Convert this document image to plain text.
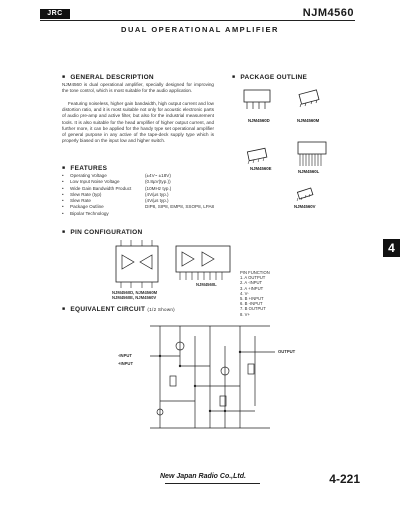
JRC	NJM4560
DUAL OPERATIONAL AMPLIFIER
■ GENERAL DESCRIPTION
NJM4560 is dual operational amplifier, specially designed for improving the tone control, which is most suitable for the audio application.
Featuring noiseless, higher gain bandwidth, high output current and low distortion ratio, and it is most suitable not only for acoustic electronic parts of audio pre-amp and active filter, but also for the industrial measurement tools. It is also suitable for the head amplifier of higher output current, and further more, it can be applied for the handy type set operational amplifier of general purpose in any active of the tape-deck supply type which is properly biased on the input low and higher switch.
■ PACKAGE OUTLINE
NJM4560D	NJM4560M
NJM4560E
NJM4560L
NJM4560V
■ FEATURES
• Operating Voltage	(±4V~ ±18V)
• Low Input Noise Voltage	(0.8µV(typ.))
• Wide Gain Bandwidth Product	(10MHz typ.)
• Slew Rate (typ)	(4V/µs typ.)
• Slew Rate	(4V/µs typ.)
• Package Outline	DIP8, SIP8, EMP8, SSOP8, LPA8
• Bipolar Technology
4
■ PIN CONFIGURATION
NJM4560D, NJM4560M
NJM4560E, NJM4560V
NJM4560L
PIN FUNCTION
1. A OUTPUT
2. A -INPUT
3. A +INPUT
4. V-
5. B +INPUT
6. B -INPUT
7. B OUTPUT
8. V+
■ EQUIVALENT CIRCUIT (1/2 Shown)
-INPUT
+INPUT
OUTPUT
New Japan Radio Co.,Ltd.	4-221
